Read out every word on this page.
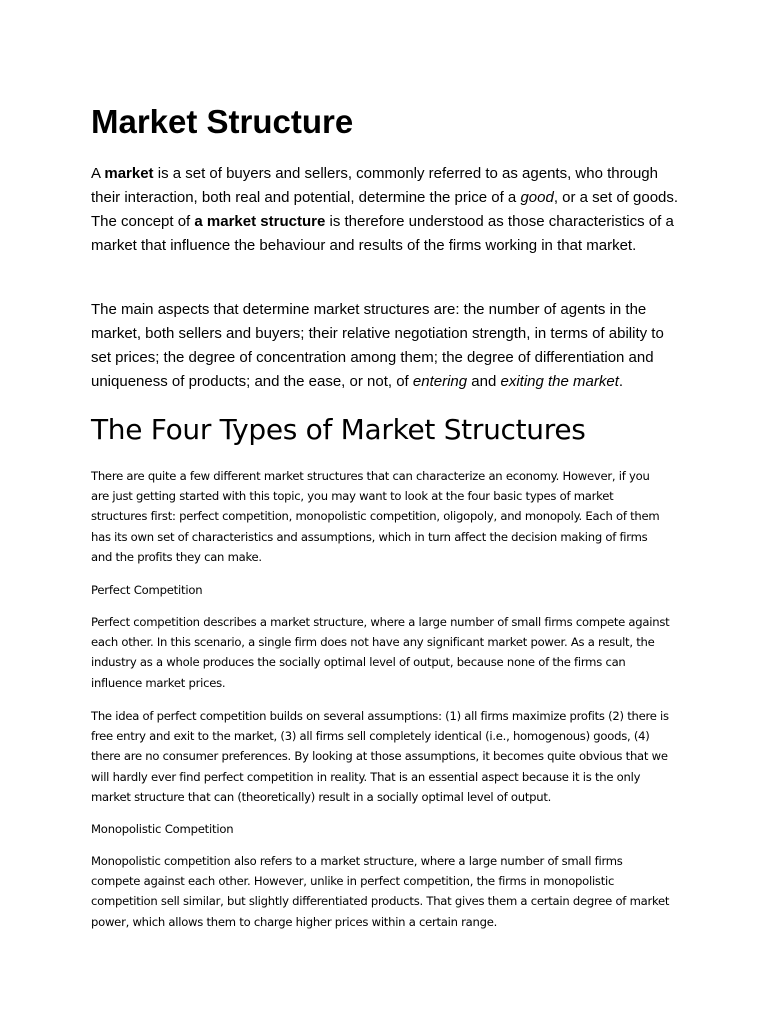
Market Structure

A market is a set of buyers and sellers, commonly referred to as agents, who through their interaction, both real and potential, determine the price of a good, or a set of goods. The concept of a market structure is therefore understood as those characteristics of a market that influence the behaviour and results of the firms working in that market.

The main aspects that determine market structures are: the number of agents in the market, both sellers and buyers; their relative negotiation strength, in terms of ability to set prices; the degree of concentration among them; the degree of differentiation and uniqueness of products; and the ease, or not, of entering and exiting the market.

The Four Types of Market Structures

There are quite a few different market structures that can characterize an economy. However, if you are just getting started with this topic, you may want to look at the four basic types of market structures first: perfect competition, monopolistic competition, oligopoly, and monopoly. Each of them has its own set of characteristics and assumptions, which in turn affect the decision making of firms and the profits they can make.

Perfect Competition

Perfect competition describes a market structure, where a large number of small firms compete against each other. In this scenario, a single firm does not have any significant market power. As a result, the industry as a whole produces the socially optimal level of output, because none of the firms can influence market prices.

The idea of perfect competition builds on several assumptions: (1) all firms maximize profits (2) there is free entry and exit to the market, (3) all firms sell completely identical (i.e., homogenous) goods, (4) there are no consumer preferences. By looking at those assumptions, it becomes quite obvious that we will hardly ever find perfect competition in reality. That is an essential aspect because it is the only market structure that can (theoretically) result in a socially optimal level of output.

Monopolistic Competition

Monopolistic competition also refers to a market structure, where a large number of small firms compete against each other. However, unlike in perfect competition, the firms in monopolistic competition sell similar, but slightly differentiated products. That gives them a certain degree of market power, which allows them to charge higher prices within a certain range.
